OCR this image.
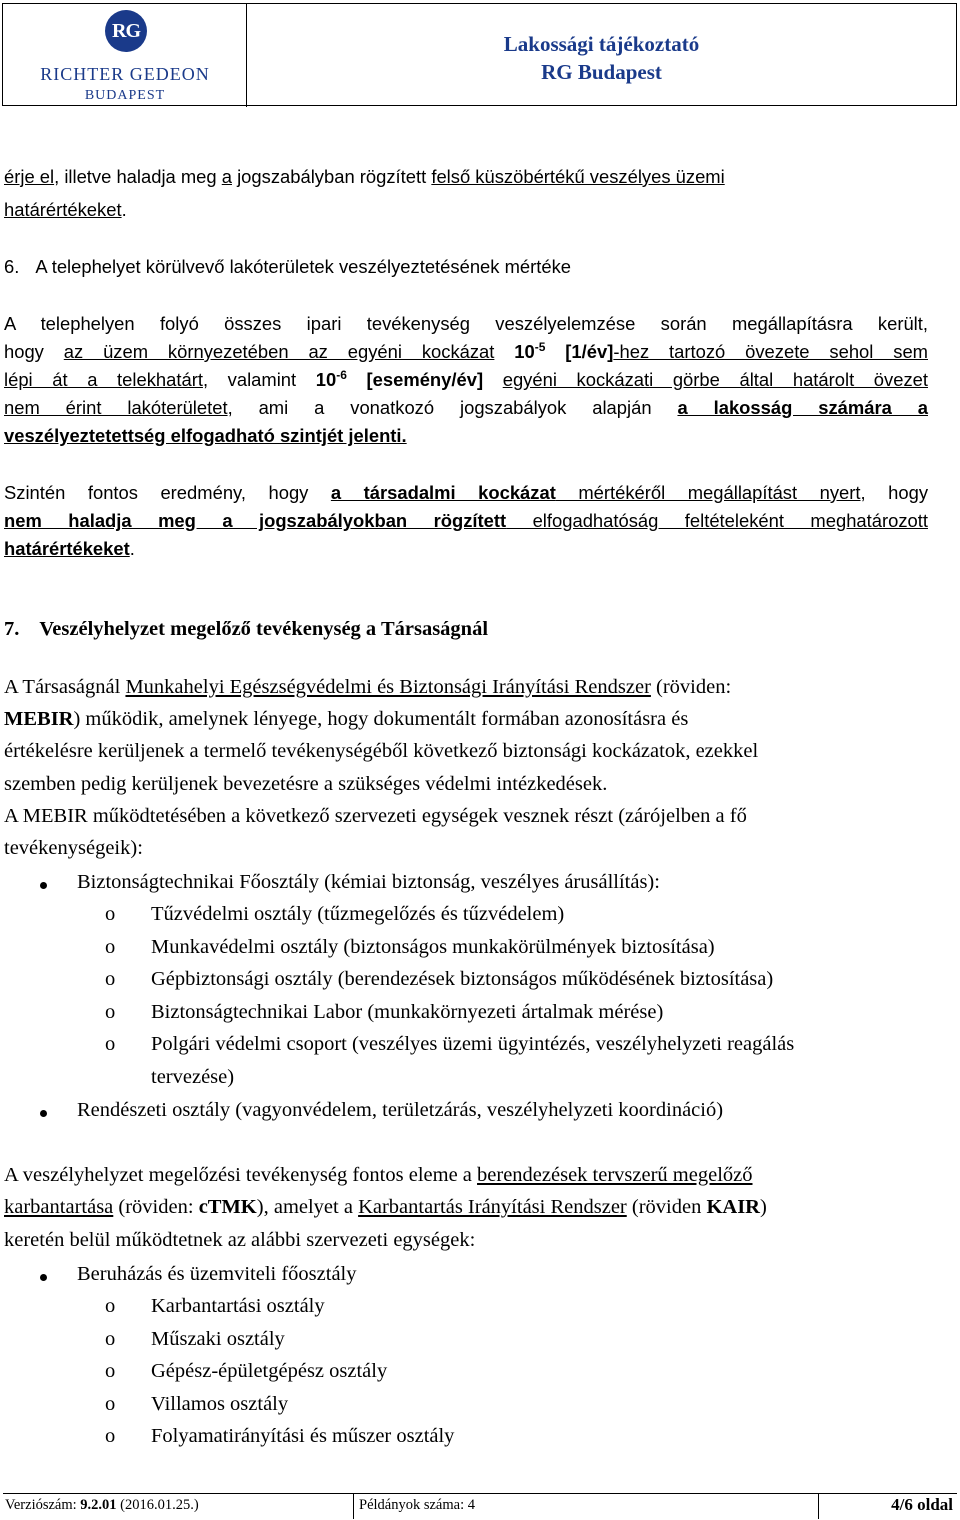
RG
RICHTER GEDEON
BUDAPEST
Lakossági tájékoztató
RG Budapest
érje el, illetve haladja meg a jogszabályban rögzített felső küszöbértékű veszélyes üzemi
határértékeket.
6. A telephelyet körülvevő lakóterületek veszélyeztetésének mértéke
A telephelyen folyó összes ipari tevékenység veszélyelemzése során megállapításra került,
hogy az üzem környezetében az egyéni kockázat $10^{-5}$ [1/év]-hez tartozó övezete sehol sem
lépi át a telekhatárt, valamint $10^{-6}$ [esemény/év] egyéni kockázati görbe által határolt övezet
nem érint lakóterületet, ami a vonatkozó jogszabályok alapján a lakosság számára a
veszélyeztetettség elfogadható szintjét jelenti.
Szintén fontos eredmény, hogy a társadalmi kockázat mértékéről megállapítást nyert, hogy
nem haladja meg a jogszabályokban rögzített elfogadhatóság feltételeként meghatározott
határértékeket.
7. Veszélyhelyzet megelőző tevékenység a Társaságnál
A Társaságnál Munkahelyi Egészségvédelmi és Biztonsági Irányítási Rendszer (röviden:
MEBIR) működik, amelynek lényege, hogy dokumentált formában azonosításra és
értékelésre kerüljenek a termelő tevékenységéből következő biztonsági kockázatok, ezekkel
szemben pedig kerüljenek bevezetésre a szükséges védelmi intézkedések.
A MEBIR működtetésében a következő szervezeti egységek vesznek részt (zárójelben a fő
tevékenységeik):
Biztonságtechnikai Főosztály (kémiai biztonság, veszélyes árusállítás):
o Tűzvédelmi osztály (tűzmegelőzés és tűzvédelem)
o Munkavédelmi osztály (biztonságos munkakörülmények biztosítása)
o Gépbiztonsági osztály (berendezések biztonságos működésének biztosítása)
o Biztonságtechnikai Labor (munkakörnyezeti ártalmak mérése)
o Polgári védelmi csoport (veszélyes üzemi ügyintézés, veszélyhelyzeti reagálás
tervezése)
Rendészeti osztály (vagyonvédelem, területzárás, veszélyhelyzeti koordináció)
A veszélyhelyzet megelőzési tevékenység fontos eleme a berendezések tervszerű megelőző
karbantartása (röviden: cTMK), amelyet a Karbantartás Irányítási Rendszer (röviden KAIR)
keretén belül működtetnek az alábbi szervezeti egységek:
Beruházás és üzemviteli főosztály
o Karbantartási osztály
o Műszaki osztály
o Gépész-épületgépész osztály
o Villamos osztály
o Folyamatirányítási és műszer osztály
Verziószám: 9.2.01 (2016.01.25.)	Példányok száma: 4	4/6 oldal
